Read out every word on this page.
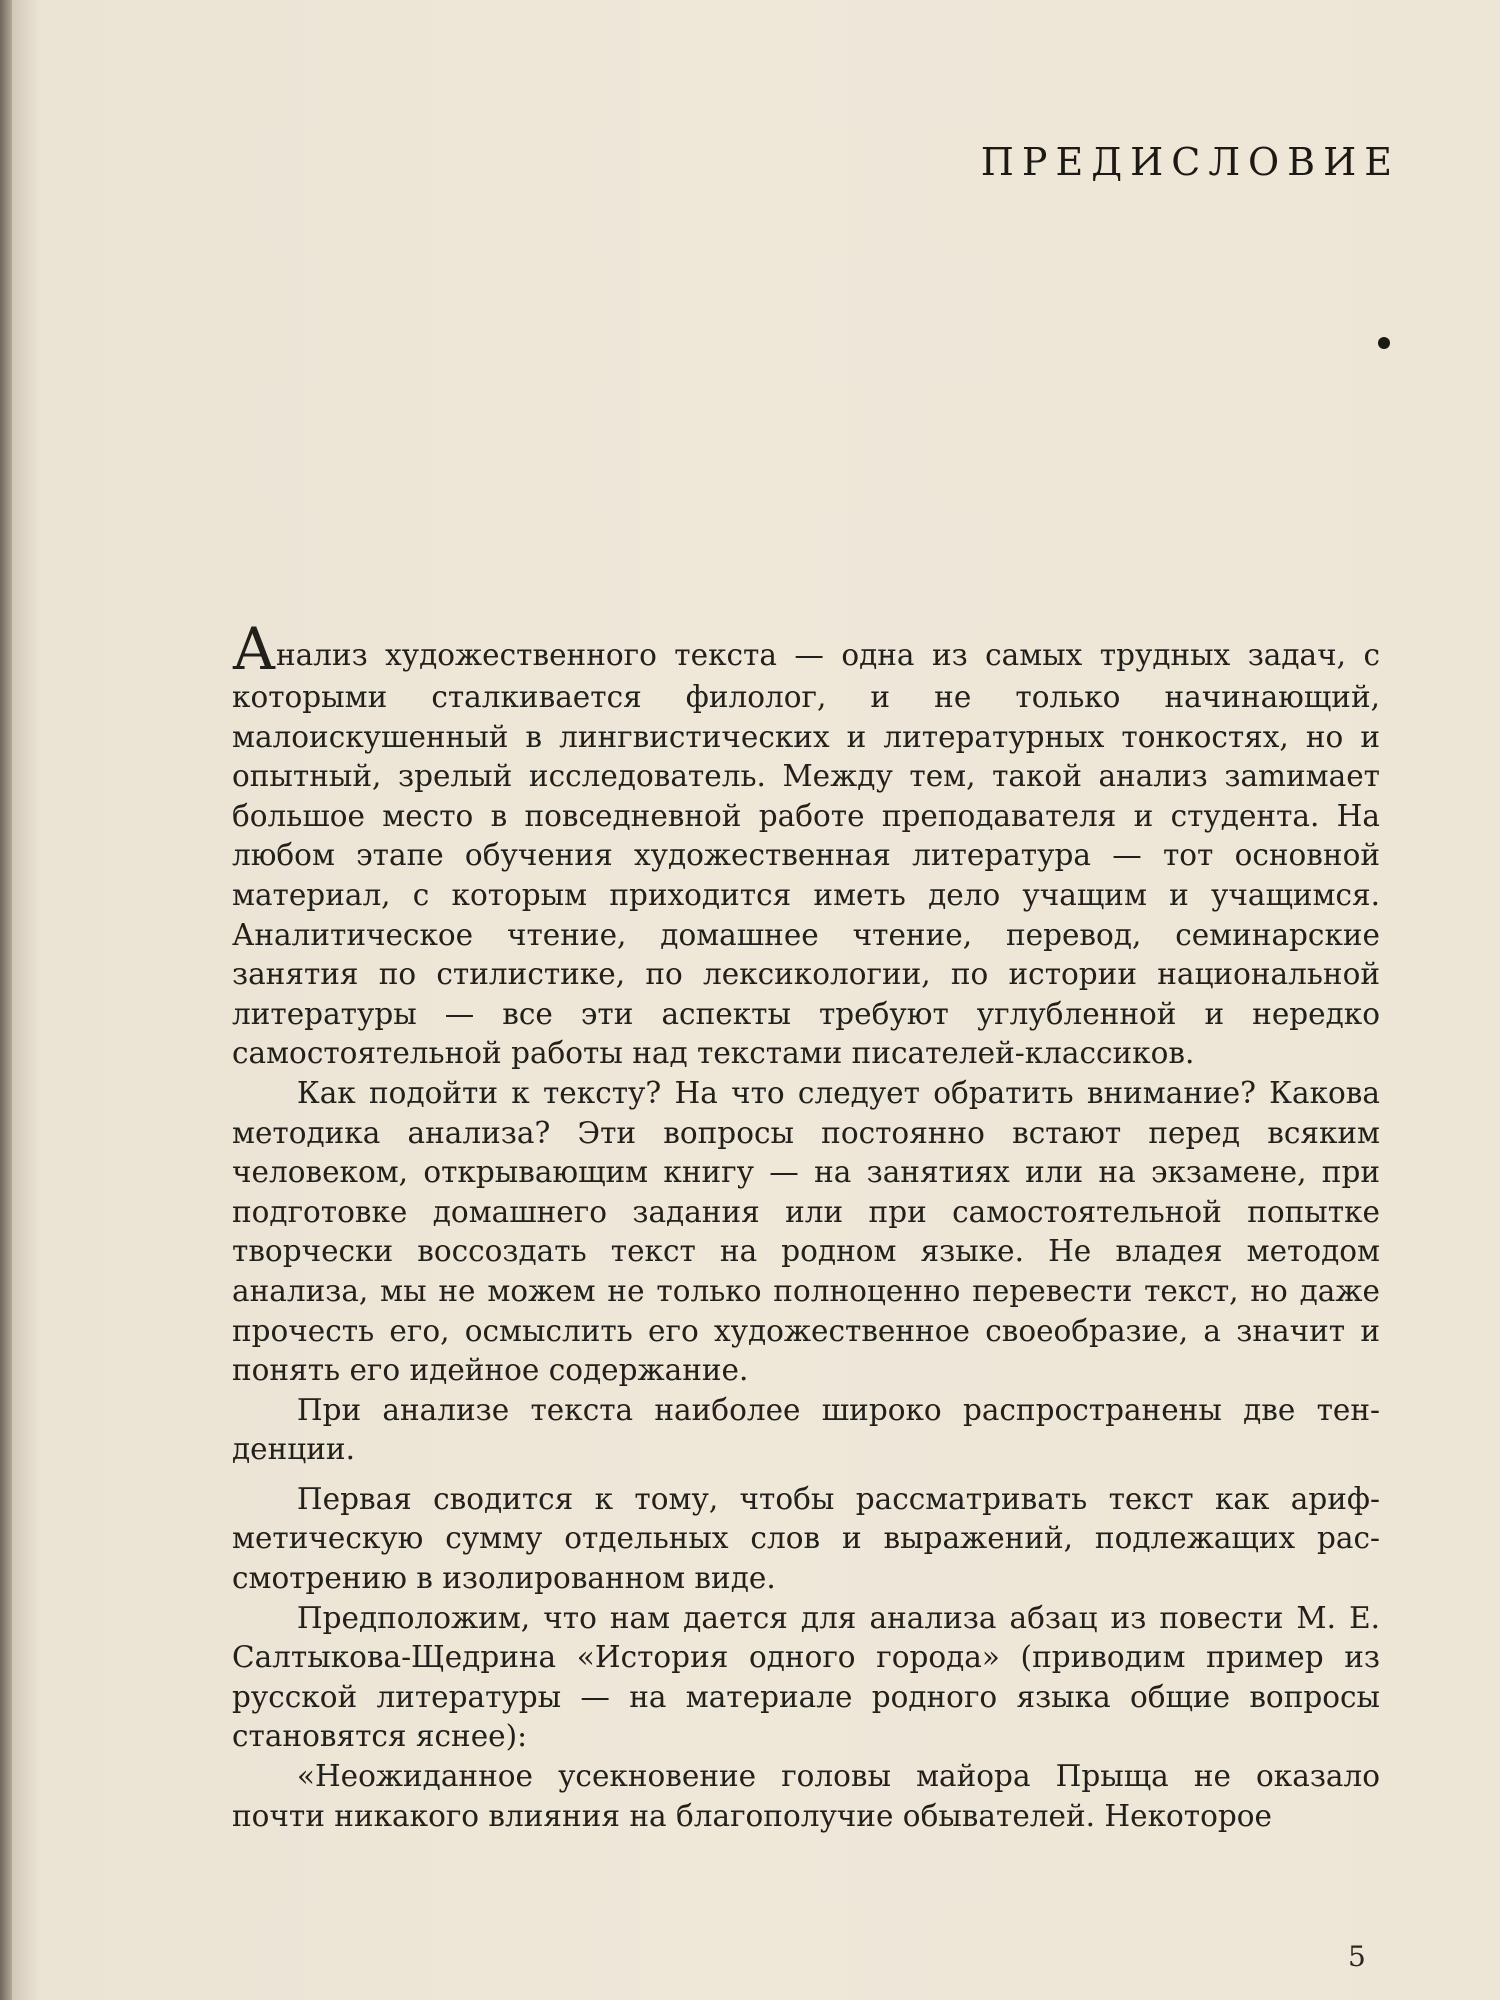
ПРЕДИСЛОВИЕ

Анализ художественного текста — одна из самых трудных задач, с которыми сталкивается филолог, и не только начинающий, малоискушенный в лингвистических и литературных тонкостях, но и опытный, зрелый исследователь. Между тем, такой анализ заmимает большое место в повседневной работе преподавателя и студента. На любом этапе обучения художественная литература — тот основной материал, с которым приходится иметь дело учащим и учащимся. Аналитическое чтение, домашнее чтение, перевод, семинарские занятия по стилистике, по лексикологии, по истории национальной литературы — все эти аспекты требуют углубленной и нередко самостоятельной работы над текстами писателей-классиков.

Как подойти к тексту? На что следует обратить внимание? Какова методика анализа? Эти вопросы постоянно встают перед всяким человеком, открывающим книгу — на занятиях или на экзамене, при подготовке домашнего задания или при самостоятельной попытке творчески воссоздать текст на родном языке. Не владея методом анализа, мы не можем не только полноценно перевести текст, но даже прочесть его, осмыслить его художественное своеобразие, а значит и понять его идейное содержание.

При анализе текста наиболее широко распространены две тенденции.

Первая сводится к тому, чтобы рассматривать текст как арифметическую сумму отдельных слов и выражений, подлежащих рассмотрению в изолированном виде.

Предположим, что нам дается для анализа абзац из повести М. Е. Салтыкова-Щедрина «История одного города» (приводим пример из русской литературы — на материале родного языка общие вопросы становятся яснее):

«Неожиданное усекновение головы майора Прыща не оказало почти никакого влияния на благополучие обывателей. Некоторое

5
